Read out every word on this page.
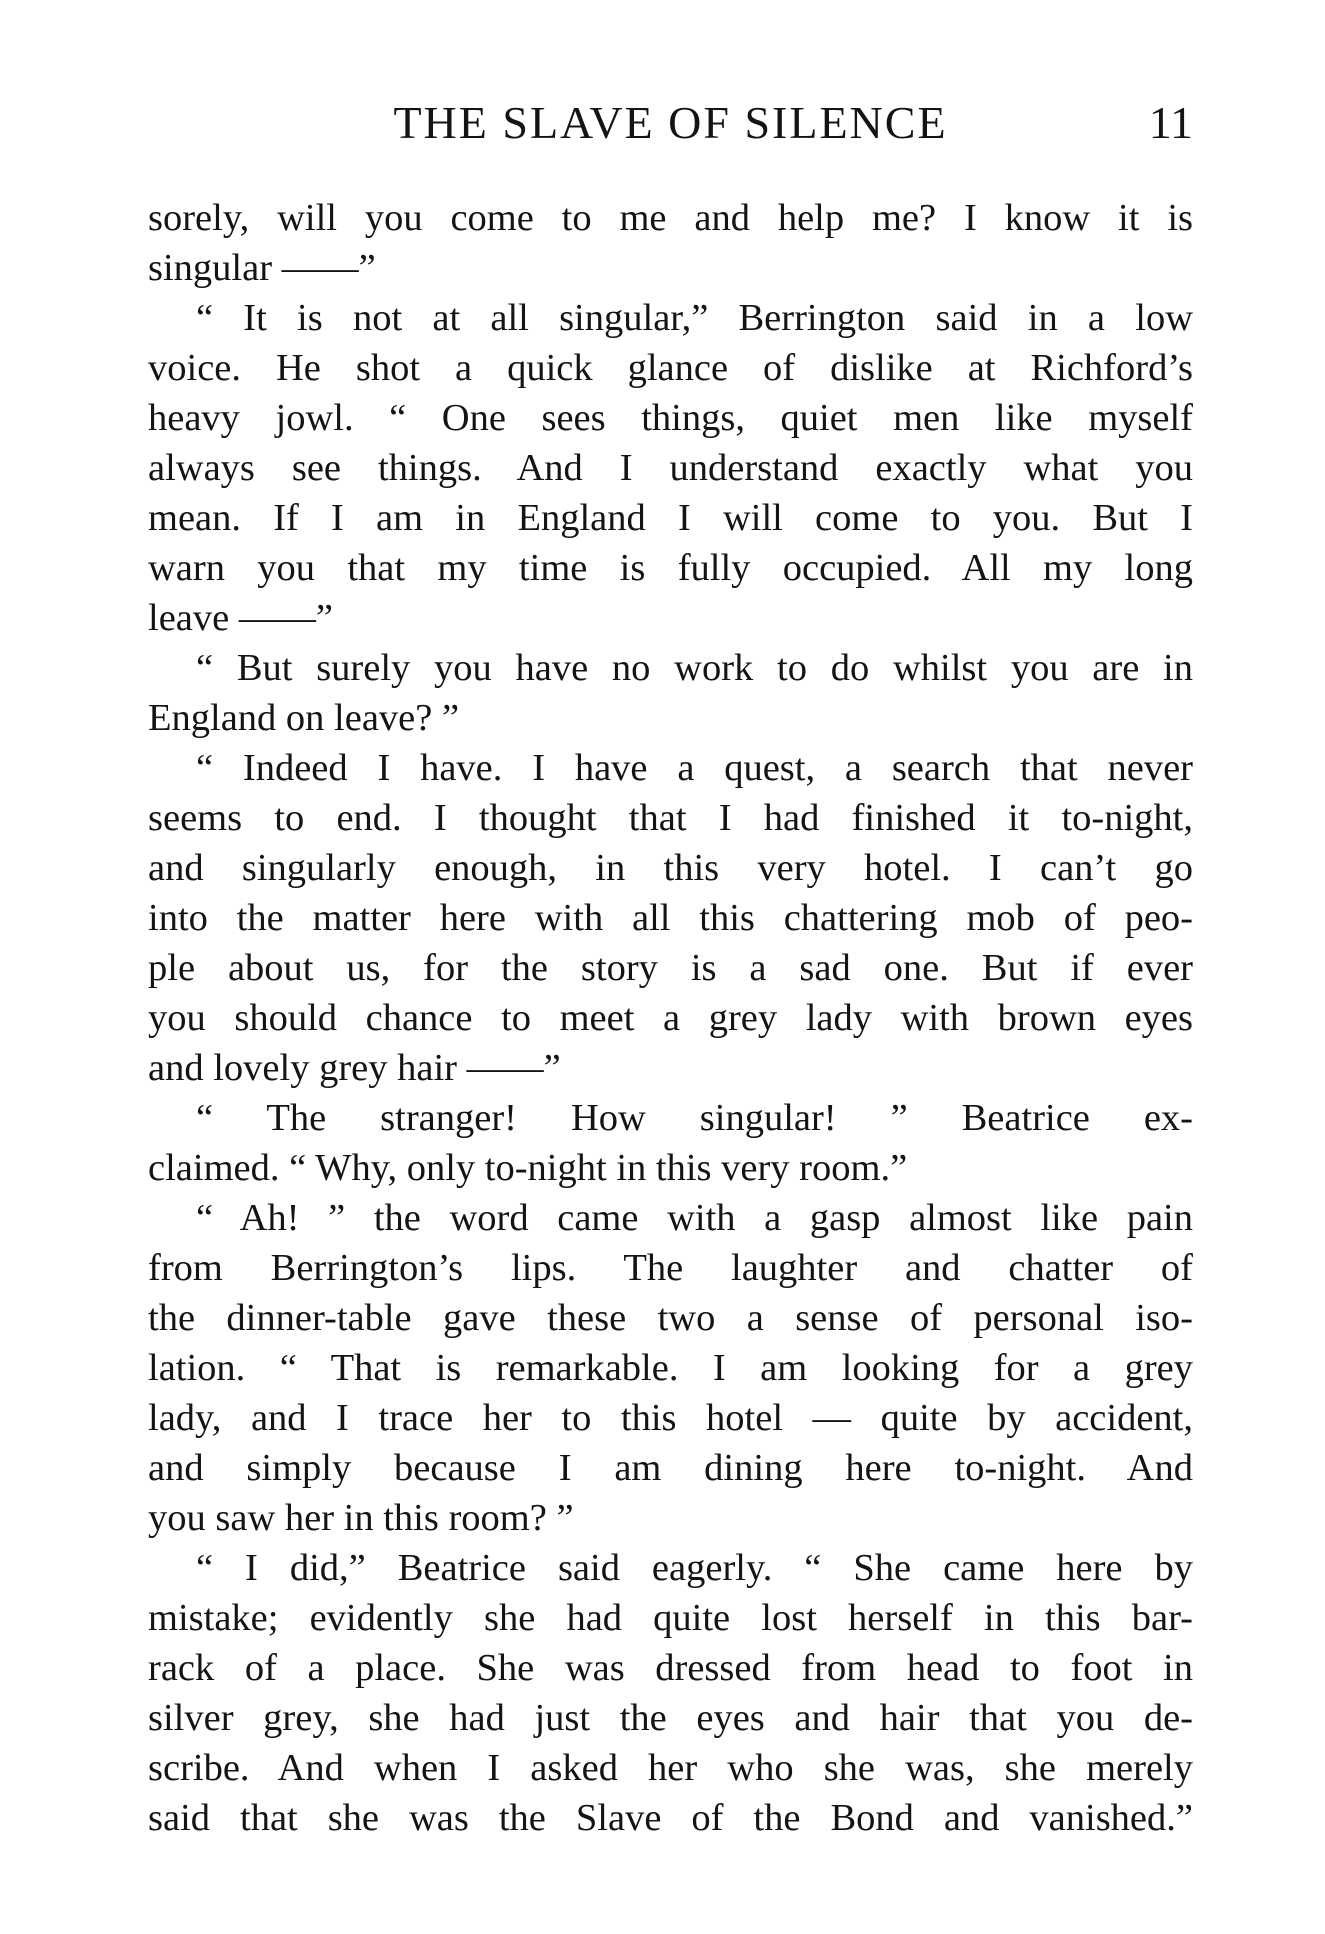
THE SLAVE OF SILENCE	11
sorely, will you come to me and help me? I know it is
singular ——”
“ It is not at all singular,” Berrington said in a low
voice. He shot a quick glance of dislike at Richford’s
heavy jowl. “ One sees things, quiet men like myself
always see things. And I understand exactly what you
mean. If I am in England I will come to you. But I
warn you that my time is fully occupied. All my long
leave ——”
“ But surely you have no work to do whilst you are in
England on leave? ”
“ Indeed I have. I have a quest, a search that never
seems to end. I thought that I had finished it to-night,
and singularly enough, in this very hotel. I can’t go
into the matter here with all this chattering mob of peo-
ple about us, for the story is a sad one. But if ever
you should chance to meet a grey lady with brown eyes
and lovely grey hair ——”
“ The stranger! How singular! ” Beatrice ex-
claimed. “ Why, only to-night in this very room.”
“ Ah! ” the word came with a gasp almost like pain
from Berrington’s lips. The laughter and chatter of
the dinner-table gave these two a sense of personal iso-
lation. “ That is remarkable. I am looking for a grey
lady, and I trace her to this hotel — quite by accident,
and simply because I am dining here to-night. And
you saw her in this room? ”
“ I did,” Beatrice said eagerly. “ She came here by
mistake; evidently she had quite lost herself in this bar-
rack of a place. She was dressed from head to foot in
silver grey, she had just the eyes and hair that you de-
scribe. And when I asked her who she was, she merely
said that she was the Slave of the Bond and vanished.”
